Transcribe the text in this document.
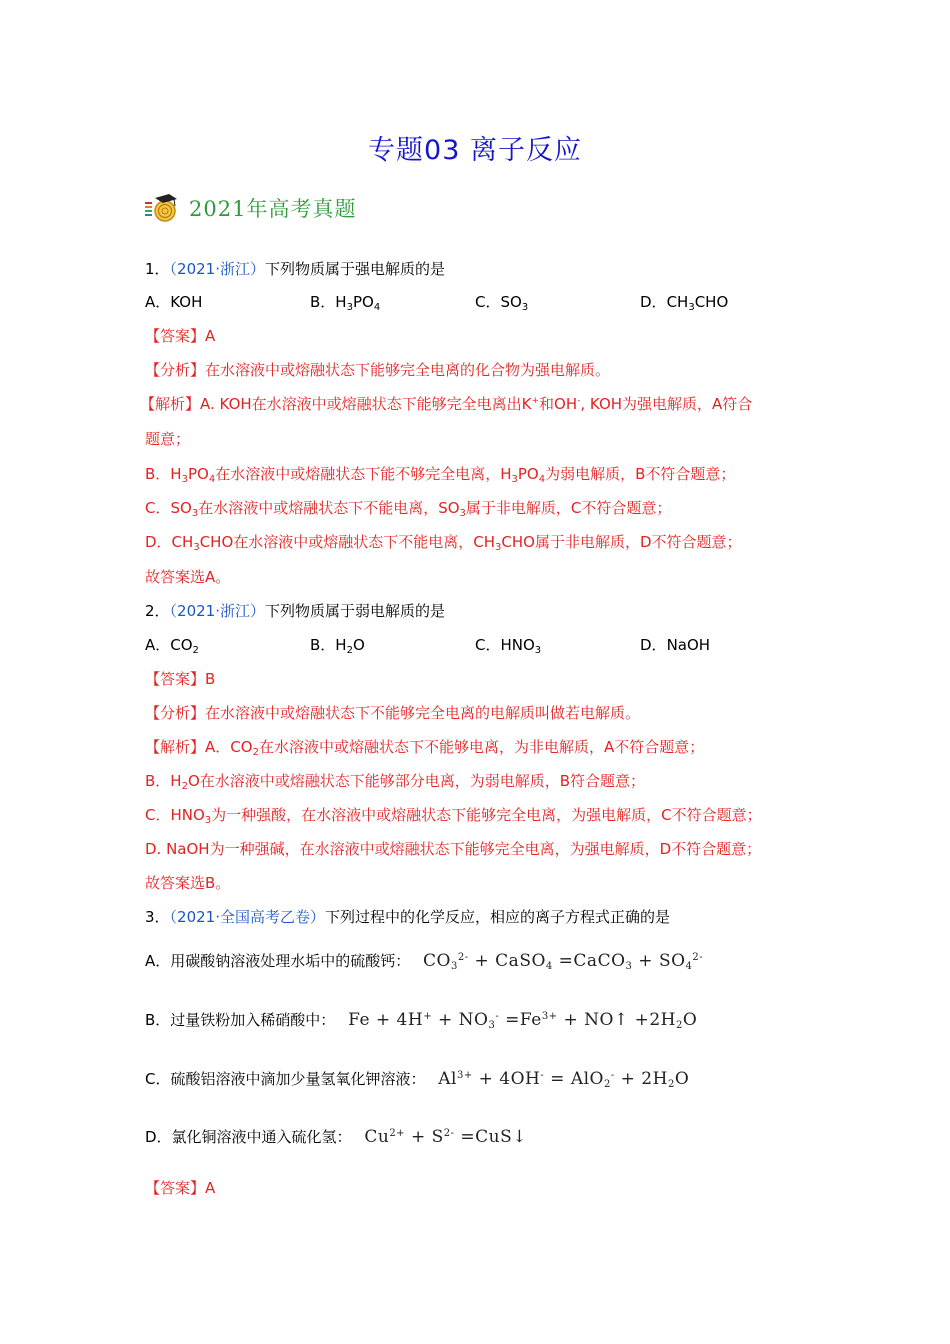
专题03 离子反应
2021年高考真题
1．（2021·浙江）下列物质属于强电解质的是
A．KOH	B．$H_3PO_4$	C．$SO_3$	D．$CH_3CHO$
【答案】A
【分析】在水溶液中或熔融状态下能够完全电离的化合物为强电解质。
【解析】A. KOH在水溶液中或熔融状态下能够完全电离出K+和OH-, KOH为强电解质，A符合
题意；
B．$H_3PO_4$在水溶液中或熔融状态下能不够完全电离，$H_3PO_4$为弱电解质，B不符合题意；
C．$SO_3$在水溶液中或熔融状态下不能电离，$SO_3$属于非电解质，C不符合题意；
D．$CH_3CHO$在水溶液中或熔融状态下不能电离，$CH_3CHO$属于非电解质，D不符合题意；
故答案选A。
2．（2021·浙江）下列物质属于弱电解质的是
A．$CO_2$	B．$H_2O$	C．$HNO_3$	D．NaOH
【答案】B
【分析】在水溶液中或熔融状态下不能够完全电离的电解质叫做若电解质。
【解析】A．$CO_2$在水溶液中或熔融状态下不能够电离，为非电解质，A不符合题意；
B．$H_2O$在水溶液中或熔融状态下能够部分电离，为弱电解质，B符合题意；
C．$HNO_3$为一种强酸，在水溶液中或熔融状态下能够完全电离，为强电解质，C不符合题意；
D. NaOH为一种强碱，在水溶液中或熔融状态下能够完全电离，为强电解质，D不符合题意；
故答案选B。
3．（2021·全国高考乙卷）下列过程中的化学反应，相应的离子方程式正确的是
A．用碳酸钠溶液处理水垢中的硫酸钙： $CO_3^{2-}$ + CaSO$_4$ =CaCO$_3$ + $SO_4^{2-}$
B．过量铁粉加入稀硝酸中： $Fe + 4H^+ + NO_3^- =Fe^{3+}$ + NO↑ $+2H_2O$
C．硫酸铝溶液中滴加少量氢氧化钾溶液： $Al^{3+} + 4OH^- = AlO_2^- + 2H_2O$
D．氯化铜溶液中通入硫化氢： $Cu^{2+} + S^{2-}$ =CuS↓
【答案】A
